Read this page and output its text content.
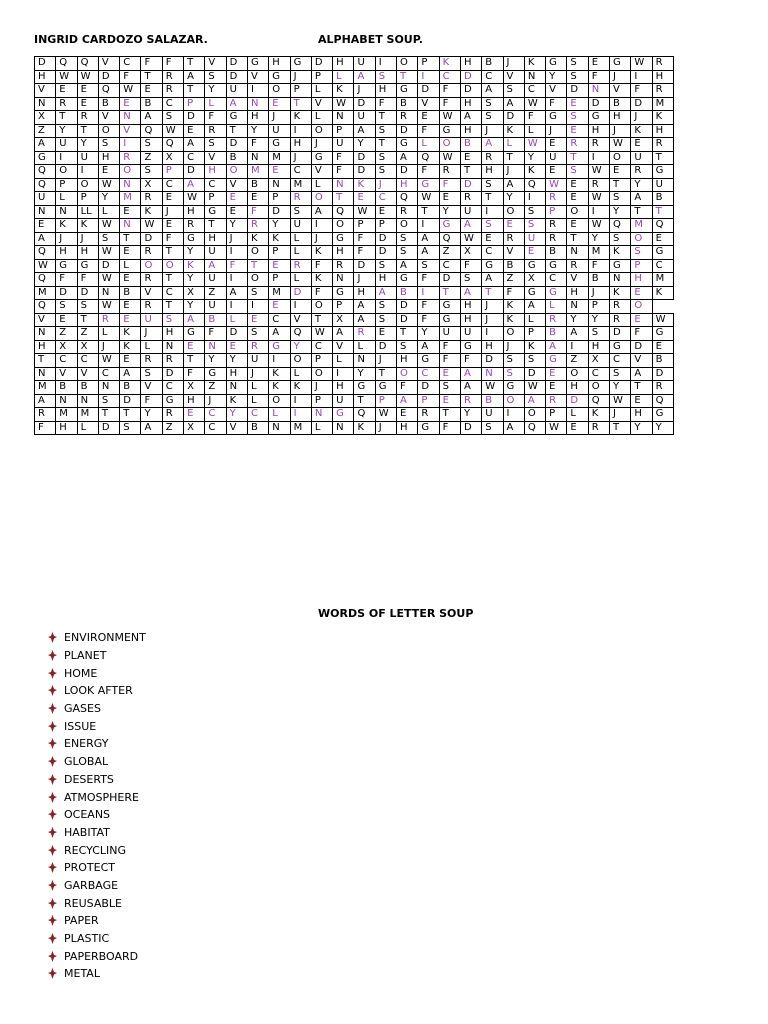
INGRID CARDOZO SALAZAR.	ALPHABET SOUP.
D	Q	Q	V	C	F	F	T	V	D	G	H	G	D	H	U	I	O	P	K	H	B	J	K	G	S	E	G	W	R
H	W	W	D	F	T	R	A	S	D	V	G	J	P	L	A	S	T	I	C	D	C	V	N	Y	S	F	J	I	H
V	E	E	Q	W	E	R	T	Y	U	I	O	P	L	K	J	H	G	D	F	D	A	S	C	V	D	N	V	F	R
N	R	E	B	E	B	C	P	L	A	N	E	T	V	W	D	F	B	V	F	H	S	A	W	F	E	D	B	D	M
X	T	R	V	N	A	S	D	F	G	H	J	K	L	N	U	T	R	E	W	A	S	D	F	G	S	G	H	J	K
Z	Y	T	O	V	Q	W	E	R	T	Y	U	I	O	P	A	S	D	F	G	H	J	K	L	J	E	H	J	K	H
A	U	Y	S	I	S	Q	A	S	D	F	G	H	J	U	Y	T	G	L	O	B	A	L	W	E	R	R	W	E	R
G	I	U	H	R	Z	X	C	V	B	N	M	J	G	F	D	S	A	Q	W	E	R	T	Y	U	T	I	O	U	T
Q	O	I	E	O	S	P	D	H	O	M	E	C	V	F	D	S	D	F	R	T	H	J	K	E	S	W	E	R	G
Q	P	O	W	N	X	C	A	C	V	B	N	M	L	Ñ	K	J	H	G	F	D	S	A	Q	W	E	R	T	Y	U
U	L	P	Y	M	R	E	W	P	E	E	P	R	O	T	E	C	Q	W	E	R	T	Y	I	R	E	W	S	A	B
Ñ	Ñ	LL	L	E	K	J	H	G	E	F	D	S	A	Q	W	E	R	T	Y	U	I	O	S	P	O	I	Y	T	T
E	K	K	W	N	W	E	R	T	Y	R	Y	U	I	O	P	P	O	I	G	A	S	E	S	R	E	W	Q	M	Q
A	J	J	S	T	D	F	G	H	J	K	K	L	J	G	F	D	S	A	Q	W	E	R	U	R	T	Y	S	O	E
Q	H	H	W	E	R	T	Y	U	I	O	P	L	K	H	F	D	S	A	Z	X	C	V	E	B	N	M	K	S	G
W	G	G	D	L	O	O	K	A	F	T	E	R	F	R	D	S	A	S	C	F	G	B	G	G	R	F	G	P	C
Q	F	F	W	E	R	T	Y	U	I	O	P	L	K	Ñ	J	H	G	F	D	S	A	Z	X	C	V	B	N	H	M
M	D	D	N	B	V	C	X	Z	A	S	M	D	F	G	H	A	B	I	T	A	T	F	G	G	H	J	K	E	K
Q	S	S	W	E	R	T	Y	U	I	I	E	I	O	P	A	S	D	F	G	H	J	K	A	L	Ñ	P	R	O	
V	E	T	R	E	U	S	A	B	L	E	C	V	T	X	A	S	D	F	G	H	J	K	L	R	Y	Y	R	E	W
N	Z	Z	L	K	J	H	G	F	D	S	A	Q	W	A	R	E	T	Y	U	U	I	O	P	B	A	S	D	F	G
H	X	X	J	K	L	N	E	N	E	R	G	Y	C	V	L	D	S	A	F	G	H	J	K	A	I	H	G	D	E
T	C	C	W	E	R	R	T	Y	Y	U	I	O	P	L	Ñ	J	H	G	F	F	D	S	S	G	Z	X	C	V	B
N	V	V	C	A	S	D	F	G	H	J	K	L	O	I	Y	T	O	C	E	A	N	S	D	E	O	C	S	A	D
M	B	B	N	B	V	C	X	Z	Ñ	L	K	K	J	H	G	G	F	D	S	A	W	G	W	E	H	O	Y	T	R
A	N	N	S	D	F	G	H	J	K	L	O	I	P	U	T	P	A	P	E	R	B	O	A	R	D	Q	W	E	Q
R	M	M	T	T	Y	R	E	C	Y	C	L	I	N	G	Q	W	E	R	T	Y	U	I	O	P	L	K	J	H	G
F	H	L	D	S	A	Z	X	C	V	B	N	M	L	Ñ	K	J	H	G	F	D	S	A	Q	W	E	R	T	Y	Y
WORDS OF LETTER SOUP
ENVIRONMENT
PLANET
HOME
LOOK AFTER
GASES
ISSUE
ENERGY
GLOBAL
DESERTS
ATMOSPHERE
OCEANS
HABITAT
RECYCLING
PROTECT
GARBAGE
REUSABLE
PAPER
PLASTIC
PAPERBOARD
METAL
